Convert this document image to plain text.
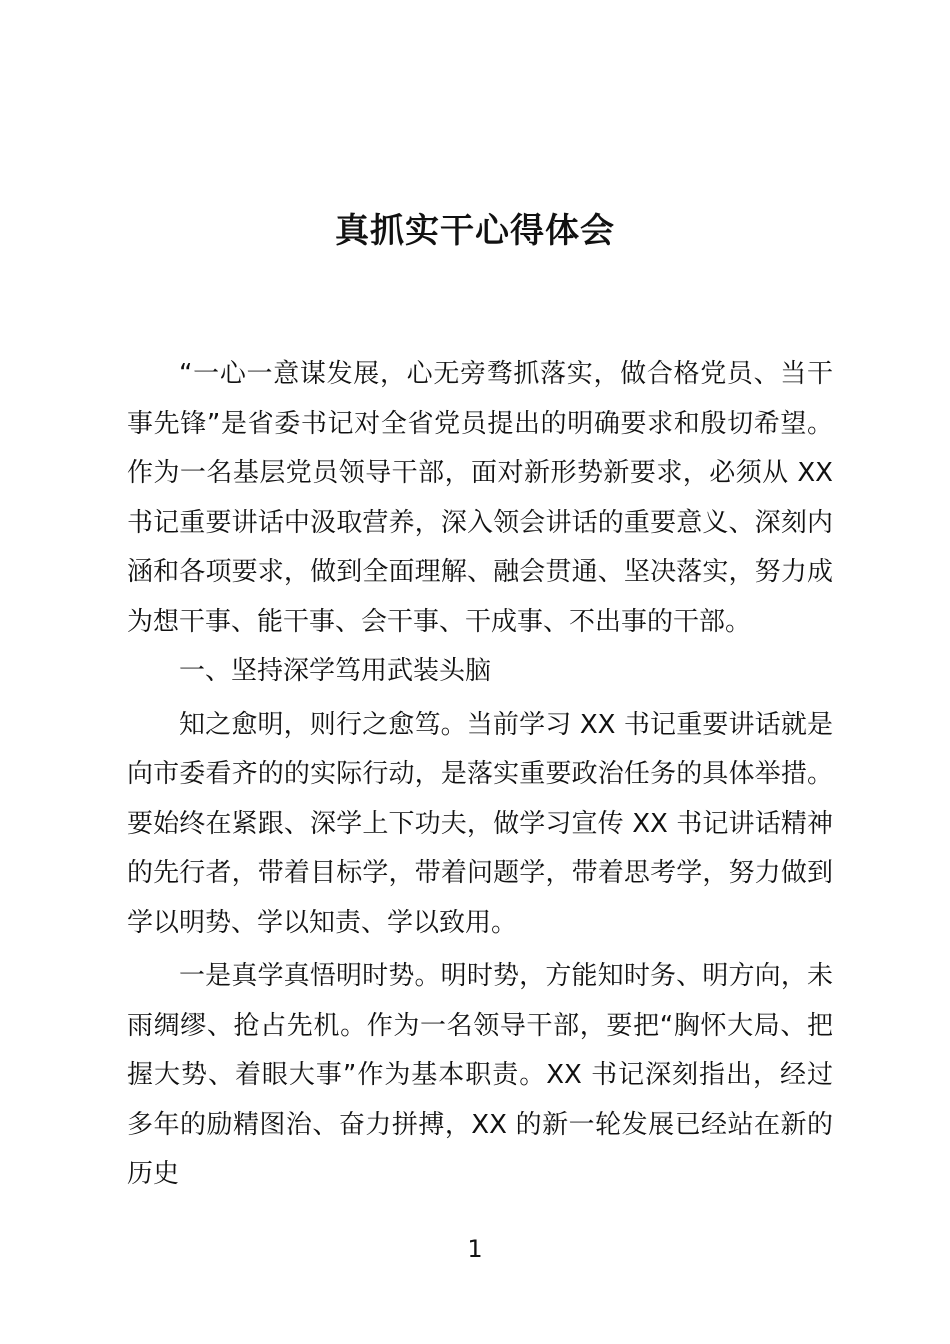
真抓实干心得体会

“一心一意谋发展，心无旁骛抓落实，做合格党员、当干事先锋”是省委书记对全省党员提出的明确要求和殷切希望。作为一名基层党员领导干部，面对新形势新要求，必须从 XX 书记重要讲话中汲取营养，深入领会讲话的重要意义、深刻内涵和各项要求，做到全面理解、融会贯通、坚决落实，努力成为想干事、能干事、会干事、干成事、不出事的干部。

一、坚持深学笃用武装头脑

知之愈明，则行之愈笃。当前学习 XX 书记重要讲话就是向市委看齐的的实际行动，是落实重要政治任务的具体举措。要始终在紧跟、深学上下功夫，做学习宣传 XX 书记讲话精神的先行者，带着目标学，带着问题学，带着思考学，努力做到学以明势、学以知责、学以致用。

一是真学真悟明时势。明时势，方能知时务、明方向，未雨绸缪、抢占先机。作为一名领导干部，要把“胸怀大局、把握大势、着眼大事”作为基本职责。XX 书记深刻指出，经过多年的励精图治、奋力拼搏，XX 的新一轮发展已经站在新的历史

1
